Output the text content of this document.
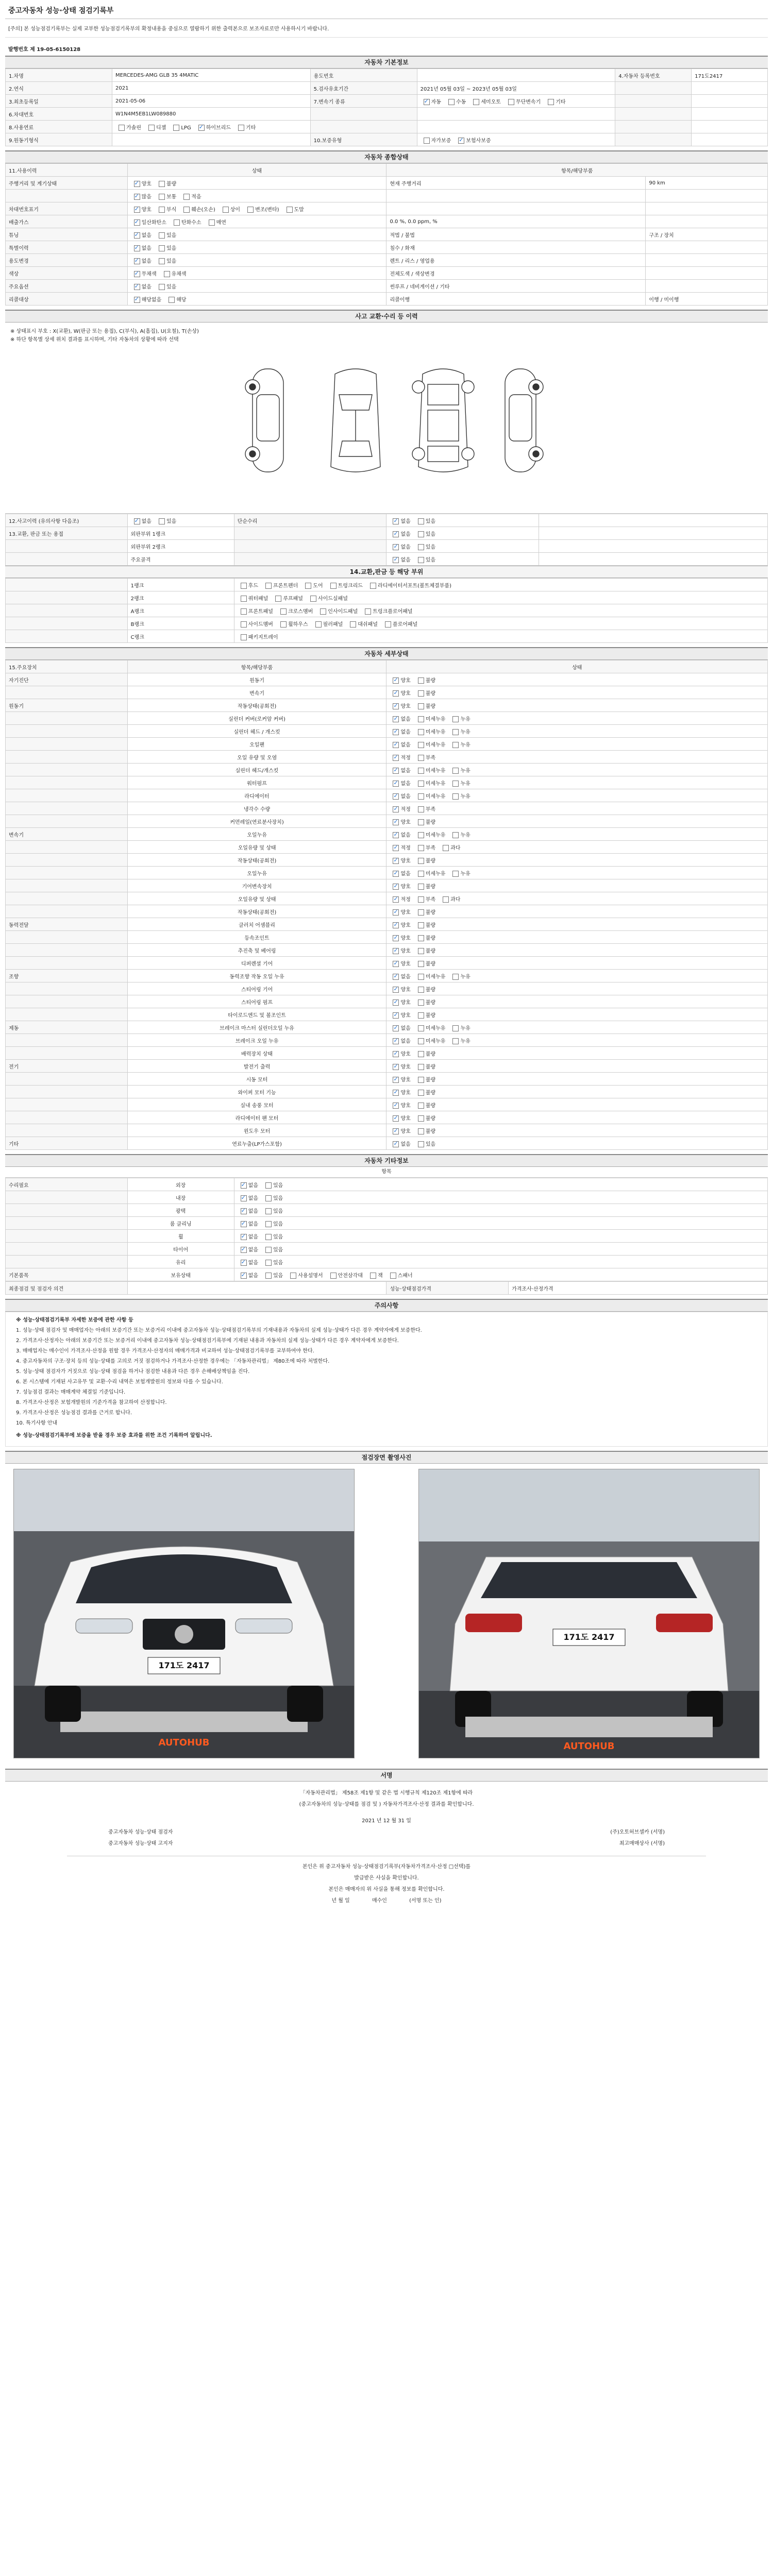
중고자동차 성능·상태 점검기록부
[주의] 본 성능점검기록부는 실제 교부한 성능점검기록부의 확정내용을 중심으로 열람하기 위한 출력본으로 보조자료로만 사용하시기 바랍니다.
발행번호 제 19-05-6150128
자동차 기본정보
1.차명	MERCEDES-AMG GLB 35 4MATIC	용도번호		4.자동차 등록번호	171도2417
2.연식	2021	5.검사유효기간	2021년 05월 03일 ~ 2023년 05월 03일		
3.최초등록일	2021-05-06	7.변속기 종류	✓자동 수동 세미오토 무단변속기 기타		
6.차대번호	W1N4M5EB1LW089880				
8.사용연료	가솔린 디젤 LPG ✓ 하이브리드 기타				
9.원동기형식		10.보증유형	자가보증 ✓ 보험사보증		
자동차 종합상태
11.사용이력	상태	항목/해당부품	
주행거리 및 계기상태	✓양호 불량	현재 주행거리	90 km
	✓많음 보통 적음		
차대번호표기	✓양호 부식 훼손(오손) 상이 변조(변타) 도말		
배출가스	✓일산화탄소 탄화수소 매연	0.0 %, 0.0 ppm, %	
튜닝	✓없음 있음	적법 / 불법	구조 / 장치
특별이력	✓없음 있음	침수 / 화재	
용도변경	✓없음 있음	렌트 / 리스 / 영업용	
색상	✓무채색 유채색	전체도색 / 색상변경	
주요옵션	✓없음 있음	썬루프 / 네비게이션 / 기타	
리콜대상	✓해당없음 해당	리콜이행	이행 / 미이행
사고 교환·수리 등 이력
※ 상태표시 부호 : X(교환), W(판금 또는 용접), C(부식), A(흠집), U(요철), T(손상)
※ 하단 항목별 상세 위치 결과를 표시하며, 기타 자동차의 상황에 따라 선택
12.사고이력 (유의사항 다음조)	✓없음 있음	단순수리	✓없음 있음	
13.교환, 판금 또는 용접	외판부위 1랭크		✓없음 있음	
	외판부위 2랭크		✓없음 있음	
	주요골격		✓없음 있음	
14.교환,판금 등 해당 부위
	1랭크	후드 프론트펜더 도어 트렁크리드 라디에이터서포트(볼트체결부품)
	2랭크	쿼터패널 루프패널 사이드실패널
	A랭크	프론트패널 크로스멤버 인사이드패널 트렁크플로어패널
	B랭크	사이드멤버 휠하우스 필러패널 대쉬패널 플로어패널
	C랭크	패키지트레이
자동차 세부상태
15.주요장치	항목/해당부품	상태
자기진단	원동기	✓양호 불량
	변속기	✓양호 불량
원동기	작동상태(공회전)	✓양호 불량
	실린더 커버(로커암 커버)	✓없음 미세누유 누유
	실린더 헤드 / 개스킷	✓없음 미세누유 누유
	오일팬	✓없음 미세누유 누유
	오일 유량 및 오염	✓적정 부족
	실린더 헤드/개스킷	✓없음 미세누유 누유
	워터펌프	✓없음 미세누유 누유
	라디에이터	✓없음 미세누유 누유
	냉각수 수량	✓적정 부족
	커먼레일(연료분사장치)	✓양호 불량
변속기	오일누유	✓없음 미세누유 누유
	오일유량 및 상태	✓적정 부족 과다
	작동상태(공회전)	✓양호 불량
	오일누유	✓없음 미세누유 누유
	기어변속장치	✓양호 불량
	오일유량 및 상태	✓적정 부족 과다
	작동상태(공회전)	✓양호 불량
동력전달	클러치 어셈블리	✓양호 불량
	등속조인트	✓양호 불량
	추진축 및 베어링	✓양호 불량
	디퍼렌셜 기어	✓양호 불량
조향	동력조향 작동 오일 누유	✓없음 미세누유 누유
	스티어링 기어	✓양호 불량
	스티어링 펌프	✓양호 불량
	타이로드엔드 및 볼조인트	✓양호 불량
제동	브레이크 마스터 실린더오일 누유	✓없음 미세누유 누유
	브레이크 오일 누유	✓없음 미세누유 누유
	배력장치 상태	✓양호 불량
전기	발전기 출력	✓양호 불량
	시동 모터	✓양호 불량
	와이퍼 모터 기능	✓양호 불량
	실내 송풍 모터	✓양호 불량
	라디에이터 팬 모터	✓양호 불량
	윈도우 모터	✓양호 불량
기타	연료누출(LP가스포함)	✓없음 있음
자동차 기타정보
항목
수리필요	외장	✓없음 있음
	내장	✓없음 있음
	광택	✓없음 있음
	룸 클리닝	✓없음 있음
	휠	✓없음 있음
	타이어	✓없음 있음
	유리	✓없음 있음
기본품목	보유상태	✓없음 있음 사용설명서 안전삼각대 잭 스패너
최종점검 및 점검자 의견		성능·상태점검가격	가격조사·산정가격
주의사항

※ 성능·상태점검기록부 자세한 보증에 관한 사항 등

1. 성능·상태 점검자 및 매매업자는 아래의 보증기간 또는 보증거리 이내에 중고자동차 성능·상태점검기록부의 기재내용과 자동차의 실제 성능·상태가 다른 경우 계약자에게 보증한다.

2. 가격조사·산정자는 아래의 보증기간 또는 보증거리 이내에 중고자동차 성능·상태점검기록부에 기재된 내용과 자동차의 실제 성능·상태가 다른 경우 계약자에게 보증한다.

3. 매매업자는 매수인이 가격조사·산정을 원할 경우 가격조사·산정자의 매매가격과 비교하여 성능·상태점검기록부를 교부하여야 한다.

4. 중고자동차의 구조·장치 등의 성능·상태를 고의로 거짓 점검하거나 가격조사·산정한 경우에는 「자동차관리법」 제80조에 따라 처벌한다.

5. 성능·상태 점검자가 거짓으로 성능·상태 점검을 하거나 점검한 내용과 다른 경우 손해배상책임을 진다.

6. 본 시스템에 기재된 사고유무 및 교환·수리 내역은 보험개발원의 정보와 다를 수 있습니다.

7. 성능점검 결과는 매매계약 체결일 기준입니다.

8. 가격조사·산정은 보험개발원의 기준가격을 참고하여 산정합니다.

9. 가격조사·산정은 성능점검 결과를 근거로 합니다.

10. 특기사항 안내

※ 성능·상태점검기록부에 보증을 받을 경우 보증 효과를 위한 조건 기록하여 알립니다.

점검장면 촬영사진
171도 2417
AUTOHUB
171도 2417
AUTOHUB
서명
「자동차관리법」 제58조 제1항 및 같은 법 시행규칙 제120조 제1항에 따라
(중고자동차의 성능·상태를 점검 및 ) 자동차가격조사·산정 결과를 확인합니다.
2021 년 12 월 31 일
중고자동차 성능·상태 점검자	(주)오토허브셀카 (서명)
중고자동차 성능·상태 고지자	최고매매상사 (서명)
본인은 위 중고자동차 성능·상태점검기록부(자동차가격조사·산정 □선택)를
발급받은 사실을 확인합니다.
본인은 매매자의 위 사실을 통해 정보를 확인합니다.
년 월 일	매수인	(서명 또는 인)
